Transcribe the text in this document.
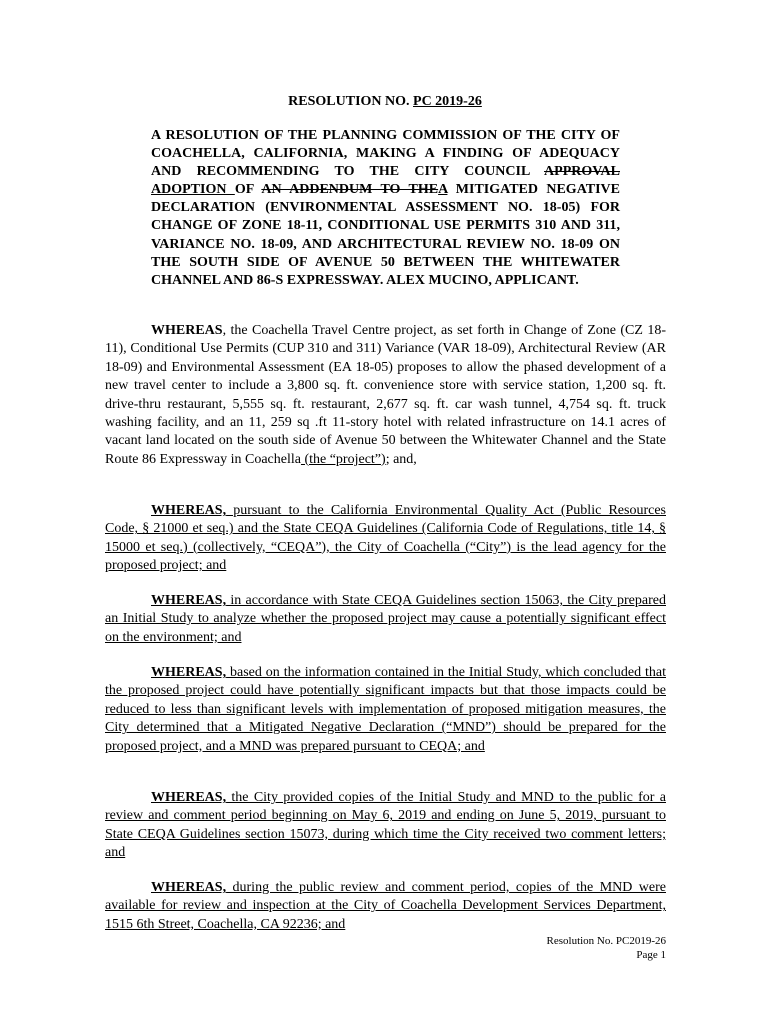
RESOLUTION NO. PC 2019-26
A RESOLUTION OF THE PLANNING COMMISSION OF THE CITY OF COACHELLA, CALIFORNIA, MAKING A FINDING OF ADEQUACY AND RECOMMENDING TO THE CITY COUNCIL APPROVAL ADOPTION OF AN ADDENDUM TO THEA MITIGATED NEGATIVE DECLARATION (ENVIRONMENTAL ASSESSMENT NO. 18-05) FOR CHANGE OF ZONE 18-11, CONDITIONAL USE PERMITS 310 AND 311, VARIANCE NO. 18-09, AND ARCHITECTURAL REVIEW NO. 18-09 ON THE SOUTH SIDE OF AVENUE 50 BETWEEN THE WHITEWATER CHANNEL AND 86-S EXPRESSWAY. ALEX MUCINO, APPLICANT.

WHEREAS, the Coachella Travel Centre project, as set forth in Change of Zone (CZ 18-11), Conditional Use Permits (CUP 310 and 311) Variance (VAR 18-09), Architectural Review (AR 18-09) and Environmental Assessment (EA 18-05) proposes to allow the phased development of a new travel center to include a 3,800 sq. ft. convenience store with service station, 1,200 sq. ft. drive-thru restaurant, 5,555 sq. ft. restaurant, 2,677 sq. ft. car wash tunnel, 4,754 sq. ft. truck washing facility, and an 11, 259 sq .ft 11-story hotel with related infrastructure on 14.1 acres of vacant land located on the south side of Avenue 50 between the Whitewater Channel and the State Route 86 Expressway in Coachella (the “project”); and,

WHEREAS, pursuant to the California Environmental Quality Act (Public Resources Code, § 21000 et seq.) and the State CEQA Guidelines (California Code of Regulations, title 14, § 15000 et seq.) (collectively, “CEQA”), the City of Coachella (“City”) is the lead agency for the proposed project; and

WHEREAS, in accordance with State CEQA Guidelines section 15063, the City prepared an Initial Study to analyze whether the proposed project may cause a potentially significant effect on the environment; and

WHEREAS, based on the information contained in the Initial Study, which concluded that the proposed project could have potentially significant impacts but that those impacts could be reduced to less than significant levels with implementation of proposed mitigation measures, the City determined that a Mitigated Negative Declaration (“MND”) should be prepared for the proposed project, and a MND was prepared pursuant to CEQA; and

WHEREAS, the City provided copies of the Initial Study and MND to the public for a review and comment period beginning on May 6, 2019 and ending on June 5, 2019, pursuant to State CEQA Guidelines section 15073, during which time the City received two comment letters; and

WHEREAS, during the public review and comment period, copies of the MND were available for review and inspection at the City of Coachella Development Services Department, 1515 6th Street, Coachella, CA 92236; and

Resolution No. PC2019-26
Page 1
